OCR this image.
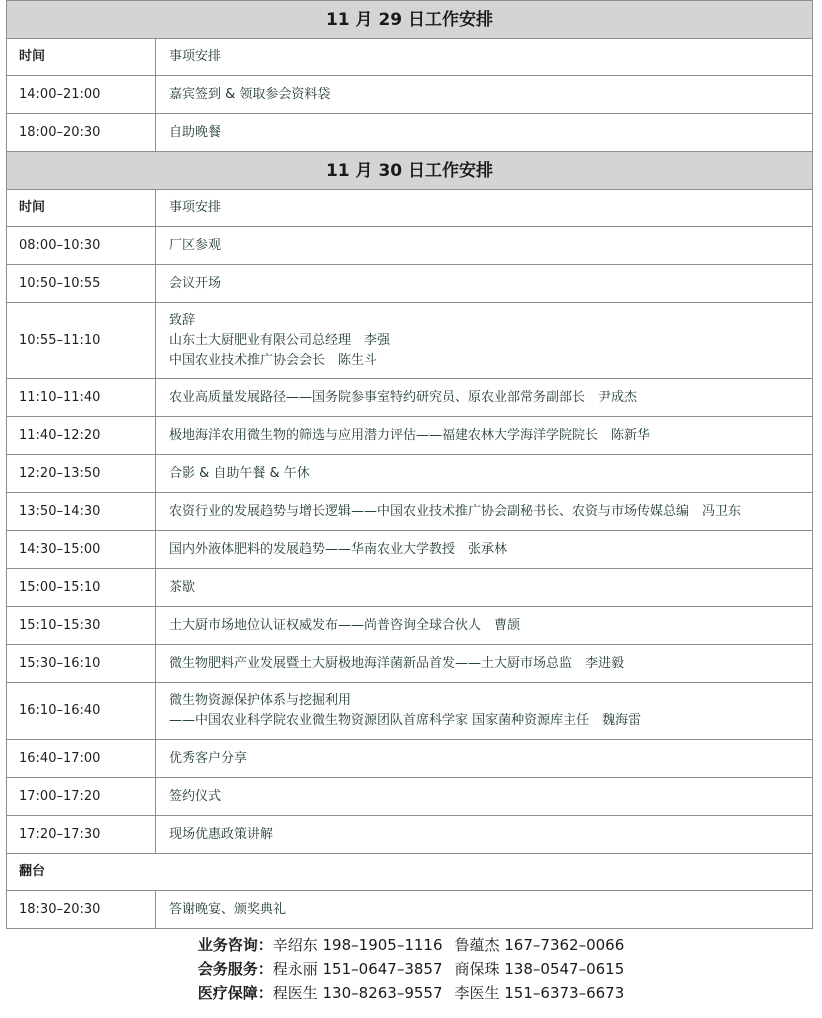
11 月 29 日工作安排	
时间	事项安排
14:00–21:00	嘉宾签到 & 领取参会资料袋
18:00–20:30	自助晚餐
11 月 30 日工作安排	
时间	事项安排
08:00–10:30	厂区参观
10:50–10:55	会议开场
10:55–11:10	致辞
山东土大厨肥业有限公司总经理　李强
中国农业技术推广协会会长　陈生斗

11:10–11:40	农业高质量发展路径——国务院参事室特约研究员、原农业部常务副部长　尹成杰
11:40–12:20	极地海洋农用微生物的筛选与应用潜力评估——福建农林大学海洋学院院长　陈新华
12:20–13:50	合影 & 自助午餐 & 午休
13:50–14:30	农资行业的发展趋势与增长逻辑——中国农业技术推广协会副秘书长、农资与市场传媒总编　冯卫东
14:30–15:00	国内外液体肥料的发展趋势——华南农业大学教授　张承林
15:00–15:10	茶歇
15:10–15:30	土大厨市场地位认证权威发布——尚普咨询全球合伙人　曹颉
15:30–16:10	微生物肥料产业发展暨土大厨极地海洋菌新品首发——土大厨市场总监　李进毅
16:10–16:40	微生物资源保护体系与挖掘利用
——中国农业科学院农业微生物资源团队首席科学家 国家菌种资源库主任　魏海雷

16:40–17:00	优秀客户分享
17:00–17:20	签约仪式
17:20–17:30	现场优惠政策讲解
翻台	
18:30–20:30	答谢晚宴、颁奖典礼
业务咨询：辛绍东 198–1905–1116 鲁蕴杰 167–7362–0066
会务服务：程永丽 151–0647–3857 商保珠 138–0547–0615
医疗保障：程医生 130–8263–9557 李医生 151–6373–6673
